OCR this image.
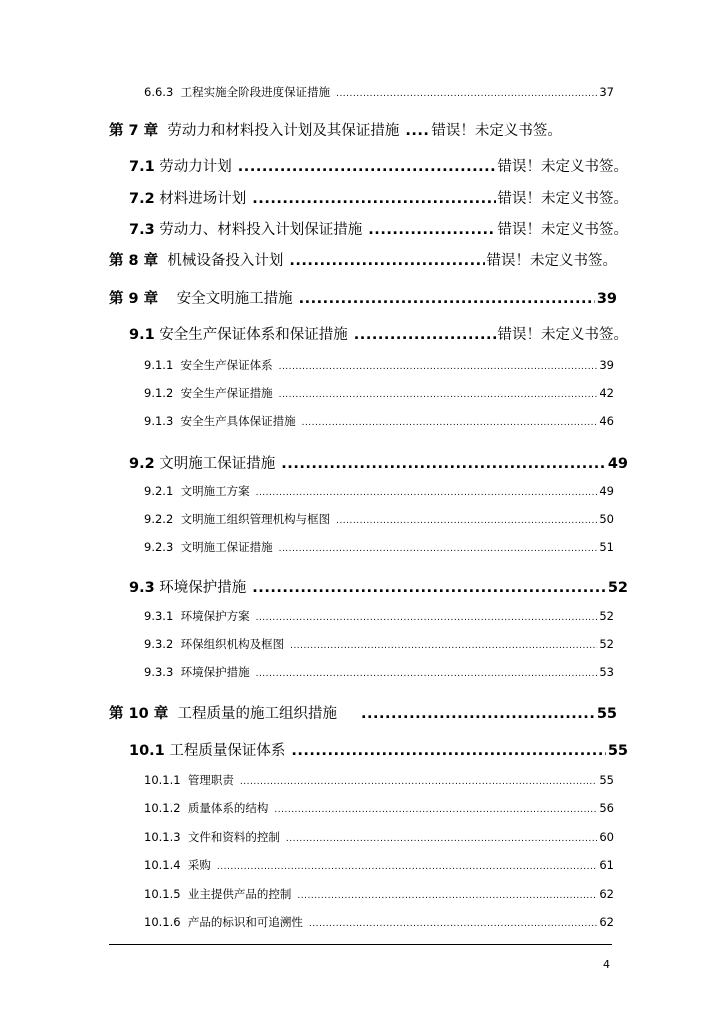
6.6.3 工程实施全阶段进度保证措施 .....	37
第 7 章 劳动力和材料投入计划及其保证措施 ..... 错误！未定义书签。
7.1 劳动力计划 .....	错误！未定义书签。
7.2 材料进场计划 .....	错误！未定义书签。
7.3 劳动力、材料投入计划保证措施 .....	错误！未定义书签。
第 8 章 机械设备投入计划 .....	错误！未定义书签。
第 9 章 安全文明施工措施 .....	39
9.1 安全生产保证体系和保证措施 .....	错误！未定义书签。
9.1.1 安全生产保证体系 .....	39
9.1.2 安全生产保证措施 .....	42
9.1.3 安全生产具体保证措施 .....	46
9.2 文明施工保证措施 .....	49
9.2.1 文明施工方案 .....	49
9.2.2 文明施工组织管理机构与框图 .....	50
9.2.3 文明施工保证措施 .....	51
9.3 环境保护措施 .....	52
9.3.1 环境保护方案 .....	52
9.3.2 环保组织机构及框图 .....	52
9.3.3 环境保护措施 .....	53
第 10 章 工程质量的施工组织措施 .....	55
10.1 工程质量保证体系 .....	55
10.1.1 管理职责 .....	55
10.1.2 质量体系的结构 .....	56
10.1.3 文件和资料的控制 .....	60
10.1.4 采购 .....	61
10.1.5 业主提供产品的控制 .....	62
10.1.6 产品的标识和可追溯性 .....	62
4
